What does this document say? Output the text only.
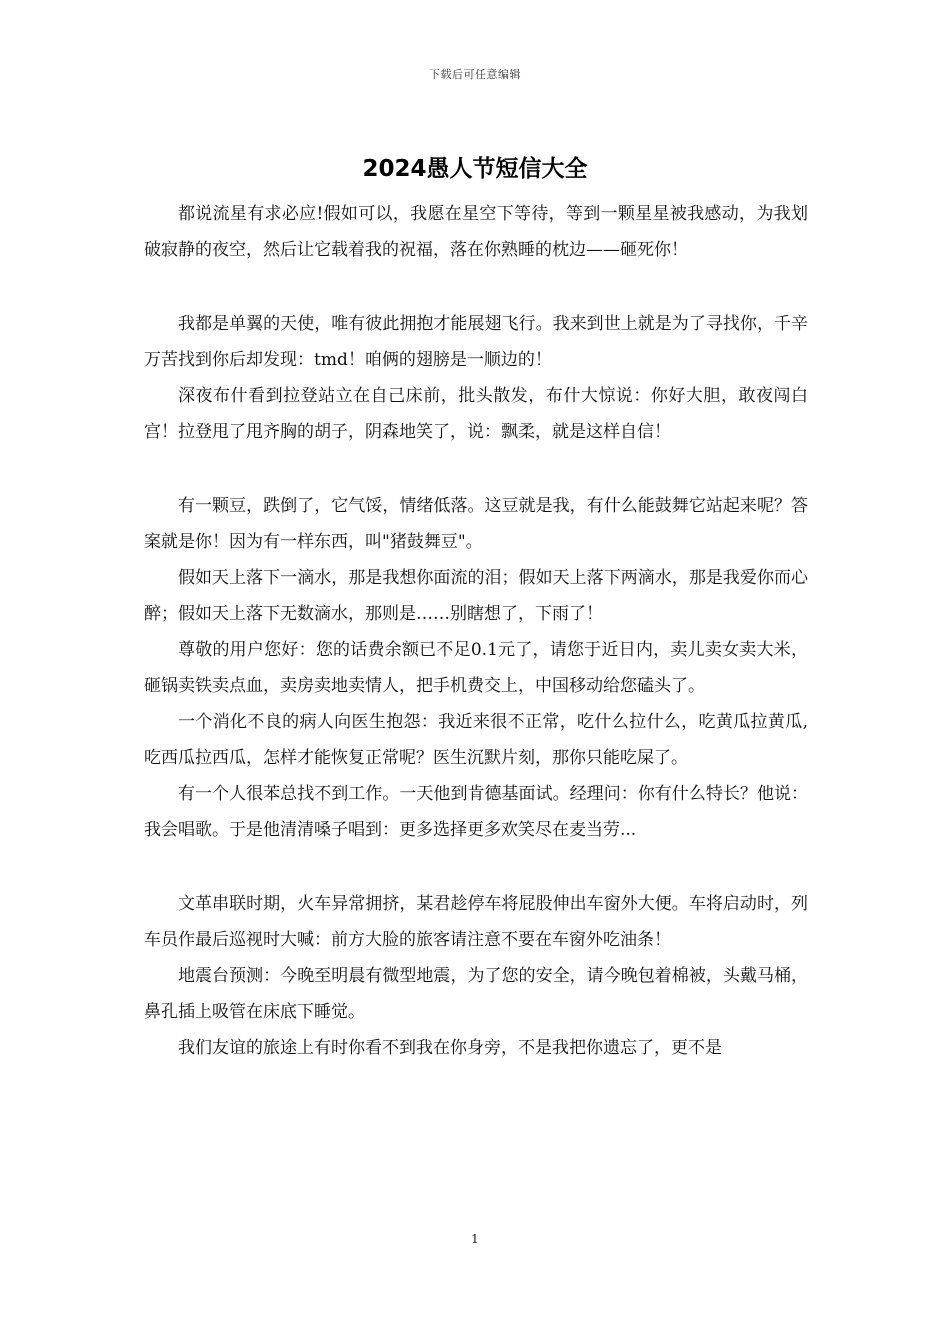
下载后可任意编辑
2024愚人节短信大全

都说流星有求必应!假如可以，我愿在星空下等待，等到一颗星星被我感动，为我划破寂静的夜空，然后让它载着我的祝福，落在你熟睡的枕边——砸死你！

我都是单翼的天使，唯有彼此拥抱才能展翅飞行。我来到世上就是为了寻找你，千辛万苦找到你后却发现：tmd！咱俩的翅膀是一顺边的！

深夜布什看到拉登站立在自己床前，批头散发，布什大惊说：你好大胆，敢夜闯白宫！拉登甩了甩齐胸的胡子，阴森地笑了，说：飘柔，就是这样自信！

有一颗豆，跌倒了，它气馁，情绪低落。这豆就是我，有什么能鼓舞它站起来呢？答案就是你！因为有一样东西，叫"猪鼓舞豆"。

假如天上落下一滴水，那是我想你面流的泪；假如天上落下两滴水，那是我爱你而心醉；假如天上落下无数滴水，那则是……别瞎想了，下雨了！

尊敬的用户您好：您的话费余额已不足0.1元了，请您于近日内，卖儿卖女卖大米，砸锅卖铁卖点血，卖房卖地卖情人，把手机费交上，中国移动给您磕头了。

一个消化不良的病人向医生抱怨：我近来很不正常，吃什么拉什么，吃黄瓜拉黄瓜,吃西瓜拉西瓜，怎样才能恢复正常呢？医生沉默片刻，那你只能吃屎了。

有一个人很苯总找不到工作。一天他到肯德基面试。经理问：你有什么特长？他说：我会唱歌。于是他清清嗓子唱到：更多选择更多欢笑尽在麦当劳...

文革串联时期，火车异常拥挤，某君趁停车将屁股伸出车窗外大便。车将启动时，列车员作最后巡视时大喊：前方大脸的旅客请注意不要在车窗外吃油条！

地震台预测：今晚至明晨有微型地震，为了您的安全，请今晚包着棉被，头戴马桶，鼻孔插上吸管在床底下睡觉。

我们友谊的旅途上有时你看不到我在你身旁，不是我把你遗忘了，更不是

1
